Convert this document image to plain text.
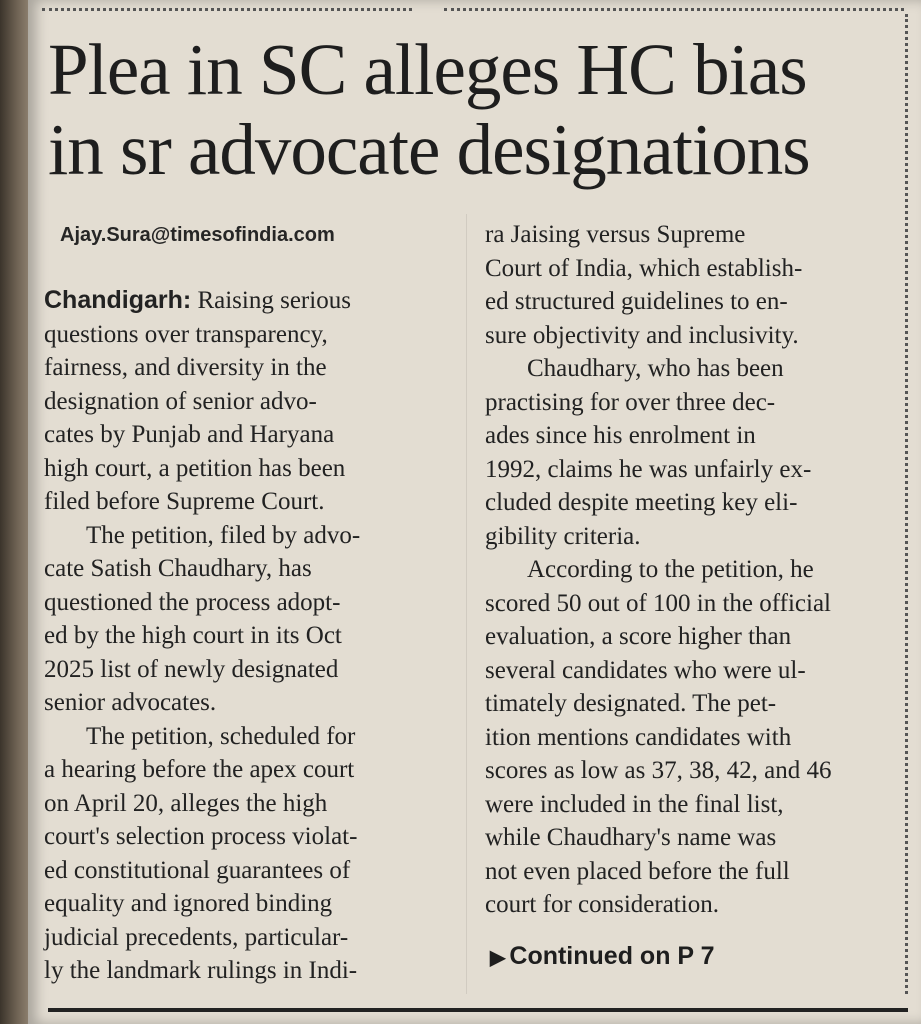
Plea in SC alleges HC bias
in sr advocate designations
Ajay.Sura@timesofindia.com
Chandigarh: Raising serious
questions over transparency,
fairness, and diversity in the
designation of senior advo-
cates by Punjab and Haryana
high court, a petition has been
filed before Supreme Court.
The petition, filed by advo-
cate Satish Chaudhary, has
questioned the process adopt-
ed by the high court in its Oct
2025 list of newly designated
senior advocates.
The petition, scheduled for
a hearing before the apex court
on April 20, alleges the high
court's selection process violat-
ed constitutional guarantees of
equality and ignored binding
judicial precedents, particular-
ly the landmark rulings in Indi-
ra Jaising versus Supreme
Court of India, which establish-
ed structured guidelines to en-
sure objectivity and inclusivity.
Chaudhary, who has been
practising for over three dec-
ades since his enrolment in
1992, claims he was unfairly ex-
cluded despite meeting key eli-
gibility criteria.
According to the petition, he
scored 50 out of 100 in the official
evaluation, a score higher than
several candidates who were ul-
timately designated. The pet-
ition mentions candidates with
scores as low as 37, 38, 42, and 46
were included in the final list,
while Chaudhary's name was
not even placed before the full
court for consideration.
▶ Continued on P 7
